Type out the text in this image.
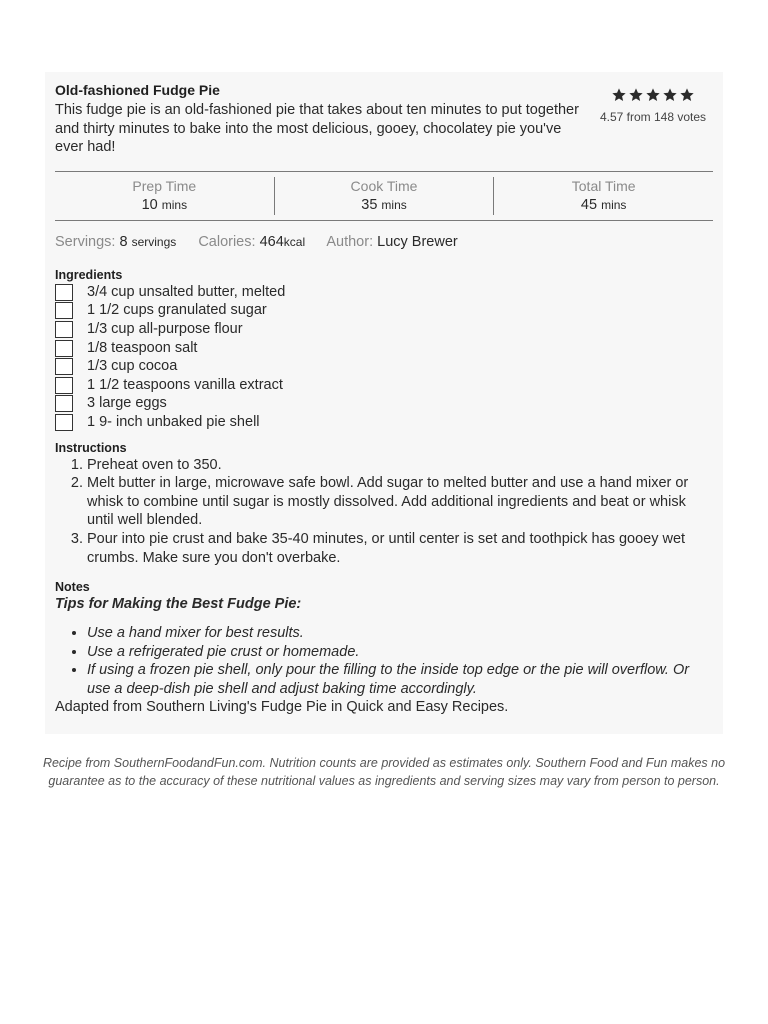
Old-fashioned Fudge Pie
This fudge pie is an old-fashioned pie that takes about ten minutes to put together and thirty minutes to bake into the most delicious, gooey, chocolatey pie you've ever had!
4.57 from 148 votes
Prep Time
10 mins
Cook Time
35 mins
Total Time
45 mins
Servings: 8 servings Calories: 464kcal Author: Lucy Brewer
Ingredients
3/4 cup unsalted butter, melted
1 1/2 cups granulated sugar
1/3 cup all-purpose flour
1/8 teaspoon salt
1/3 cup cocoa
1 1/2 teaspoons vanilla extract
3 large eggs
1 9- inch unbaked pie shell
Instructions
1. Preheat oven to 350.
2. Melt butter in large, microwave safe bowl. Add sugar to melted butter and use a hand mixer or whisk to combine until sugar is mostly dissolved. Add additional ingredients and beat or whisk until well blended.
3. Pour into pie crust and bake 35-40 minutes, or until center is set and toothpick has gooey wet crumbs. Make sure you don't overbake.
Notes
Tips for Making the Best Fudge Pie:
• Use a hand mixer for best results.
• Use a refrigerated pie crust or homemade.
• If using a frozen pie shell, only pour the filling to the inside top edge or the pie will overflow. Or use a deep-dish pie shell and adjust baking time accordingly.
Adapted from Southern Living's Fudge Pie in Quick and Easy Recipes.
Recipe from SouthernFoodandFun.com. Nutrition counts are provided as estimates only. Southern Food and Fun makes no guarantee as to the accuracy of these nutritional values as ingredients and serving sizes may vary from person to person.
